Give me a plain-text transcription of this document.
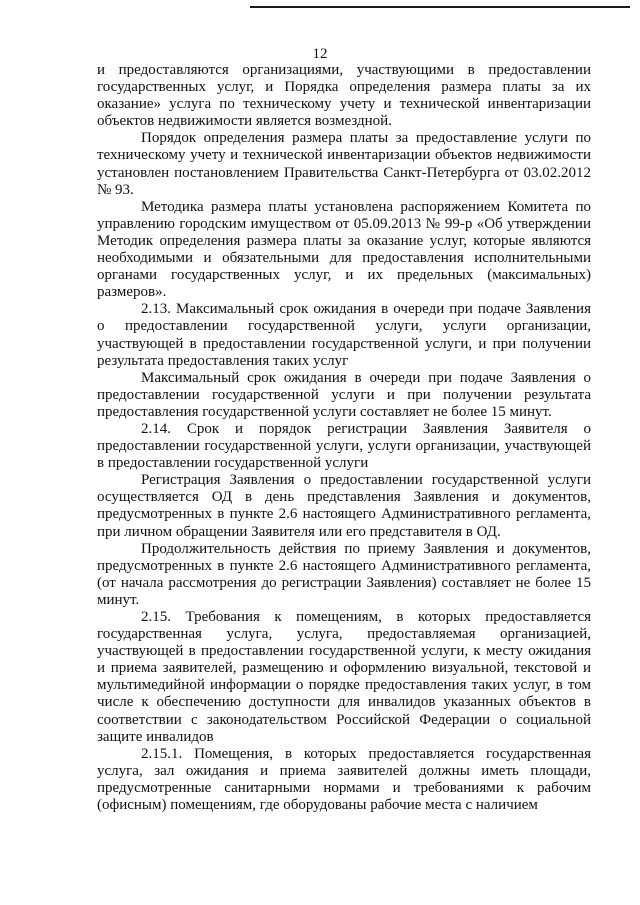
12

и предоставляются организациями, участвующими в предоставлении государственных услуг, и Порядка определения размера платы за их оказание» услуга по техническому учету и технической инвентаризации объектов недвижимости является возмездной.

Порядок определения размера платы за предоставление услуги по техническому учету и технической инвентаризации объектов недвижимости установлен постановлением Правительства Санкт-Петербурга от 03.02.2012 № 93.

Методика размера платы установлена распоряжением Комитета по управлению городским имуществом от 05.09.2013 № 99-р «Об утверждении Методик определения размера платы за оказание услуг, которые являются необходимыми и обязательными для предоставления исполнительными органами государственных услуг, и их предельных (максимальных) размеров».

2.13. Максимальный срок ожидания в очереди при подаче Заявления о предоставлении государственной услуги, услуги организации, участвующей в предоставлении государственной услуги, и при получении результата предоставления таких услуг

Максимальный срок ожидания в очереди при подаче Заявления о предоставлении государственной услуги и при получении результата предоставления государственной услуги составляет не более 15 минут.

2.14. Срок и порядок регистрации Заявления Заявителя о предоставлении государственной услуги, услуги организации, участвующей в предоставлении государственной услуги

Регистрация Заявления о предоставлении государственной услуги осуществляется ОД в день представления Заявления и документов, предусмотренных в пункте 2.6 настоящего Административного регламента, при личном обращении Заявителя или его представителя в ОД.

Продолжительность действия по приему Заявления и документов, предусмотренных в пункте 2.6 настоящего Административного регламента, (от начала рассмотрения до регистрации Заявления) составляет не более 15 минут.

2.15. Требования к помещениям, в которых предоставляется государственная услуга, услуга, предоставляемая организацией, участвующей в предоставлении государственной услуги, к месту ожидания и приема заявителей, размещению и оформлению визуальной, текстовой и мультимедийной информации о порядке предоставления таких услуг, в том числе к обеспечению доступности для инвалидов указанных объектов в соответствии с законодательством Российской Федерации о социальной защите инвалидов

2.15.1. Помещения, в которых предоставляется государственная услуга, зал ожидания и приема заявителей должны иметь площади, предусмотренные санитарными нормами и требованиями к рабочим (офисным) помещениям, где оборудованы рабочие места с наличием
